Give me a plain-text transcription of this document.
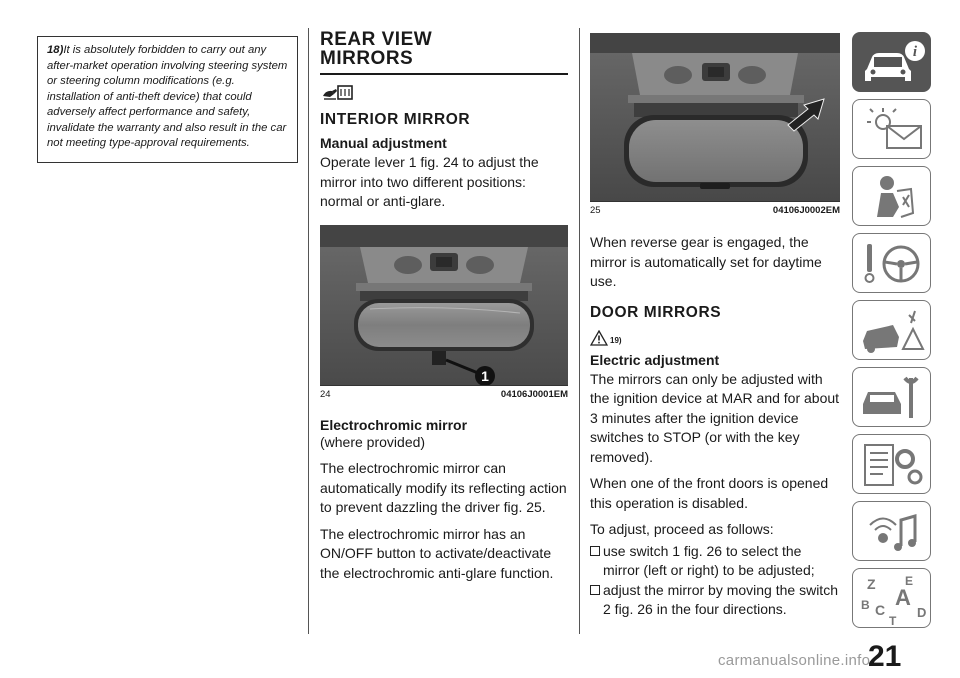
18)It is absolutely forbidden to carry out any after-market operation involving steering system or steering column modifications (e.g. installation of anti-theft device) that could adversely affect performance and safety, invalidate the warranty and also result in the car not meeting type-approval requirements.
REAR VIEW
MIRRORS
INTERIOR MIRROR
Manual adjustment
Operate lever 1 fig. 24 to adjust the mirror into two different positions: normal or anti-glare.
1
24	04106J0001EM
Electrochromic mirror
(where provided)
The electrochromic mirror can automatically modify its reflecting action to prevent dazzling the driver fig. 25.
The electrochromic mirror has an ON/OFF button to activate/deactivate the electrochromic anti-glare function.
25	04106J0002EM
When reverse gear is engaged, the mirror is automatically set for daytime use.
DOOR MIRRORS
19)
Electric adjustment
The mirrors can only be adjusted with the ignition device at MAR and for about 3 minutes after the ignition device switches to STOP (or with the key removed).
When one of the front doors is opened this operation is disabled.
To adjust, proceed as follows:
use switch 1 fig. 26 to select the mirror (left or right) to be adjusted;
adjust the mirror by moving the switch 2 fig. 26 in the four directions.
i
Z E
A
B C D
T
21
carmanualsonline.info
